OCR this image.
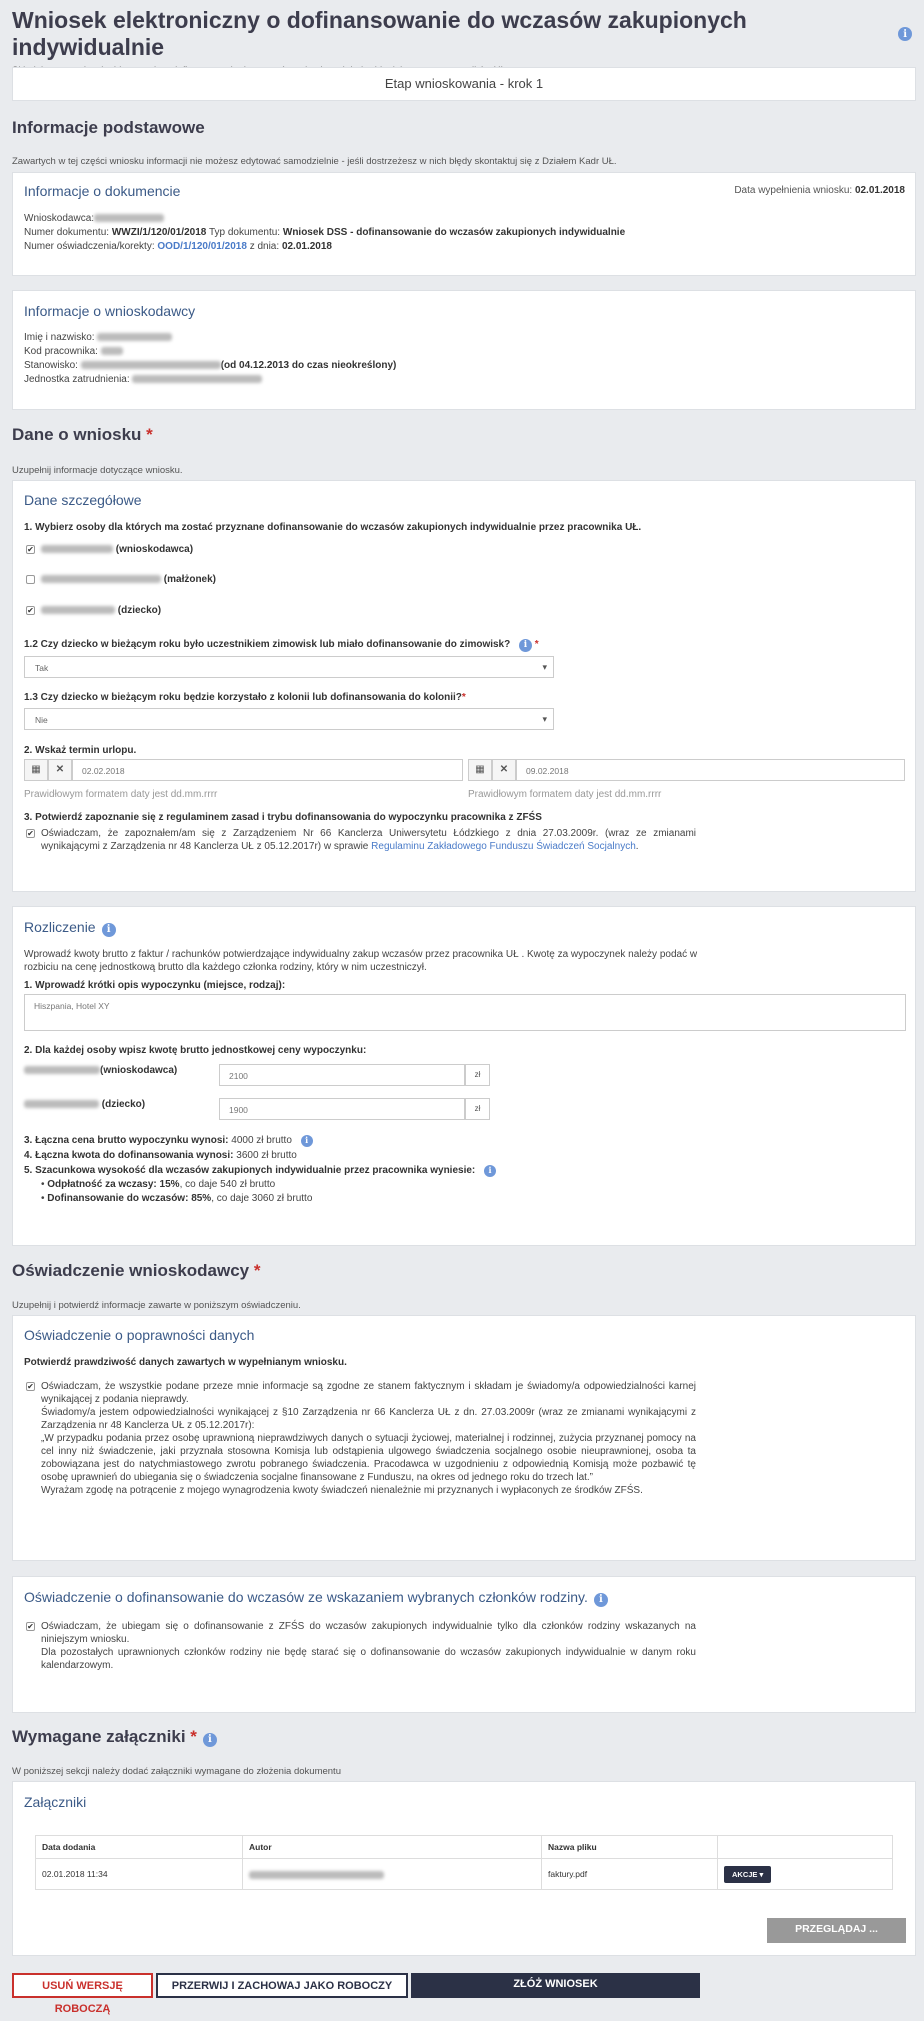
Wniosek elektroniczny o dofinansowanie do wczasów zakupionych indywidualnie	i
Etap wnioskowania - krok 1
Informacje podstawowe
Zawartych w tej części wniosku informacji nie możesz edytować samodzielnie - jeśli dostrzeżesz w nich błędy skontaktuj się z Działem Kadr UŁ.
Informacje o dokumencie	Data wypełnienia wniosku: 02.01.2018
Wnioskodawca:
Numer dokumentu: WWZI/1/120/01/2018 Typ dokumentu: Wniosek DSS - dofinansowanie do wczasów zakupionych indywidualnie
Numer oświadczenia/korekty: OOD/1/120/01/2018 z dnia: 02.01.2018
Informacje o wnioskodawcy
Imię i nazwisko:
Kod pracownika:
Stanowisko:	(od 04.12.2013 do czas nieokreślony)
Jednostka zatrudnienia:
Dane o wniosku *
Uzupełnij informacje dotyczące wniosku.
Dane szczegółowe
1. Wybierz osoby dla których ma zostać przyznane dofinansowanie do wczasów zakupionych indywidualnie przez pracownika UŁ.
✔	(wnioskodawca)
(małżonek)
✔	(dziecko)
1.2 Czy dziecko w bieżącym roku było uczestnikiem zimowisk lub miało dofinansowanie do zimowisk? i *
Tak ▾
1.3 Czy dziecko w bieżącym roku będzie korzystało z kolonii lub dofinansowania do kolonii?*
Nie ▾
2. Wskaż termin urlopu.
▦	✕	02.02.2018	▦	✕	09.02.2018
Prawidłowym formatem daty jest dd.mm.rrrr	Prawidłowym formatem daty jest dd.mm.rrrr
3. Potwierdź zapoznanie się z regulaminem zasad i trybu dofinansowania do wypoczynku pracownika z ZFŚS
✔ Oświadczam, że zapoznałem/am się z Zarządzeniem Nr 66 Kanclerza Uniwersytetu Łódzkiego z dnia 27.03.2009r. (wraz ze zmianami wynikającymi z Zarządzenia nr 48 Kanclerza UŁ z 05.12.2017r) w sprawie Regulaminu Zakładowego Funduszu Świadczeń Socjalnych.
Rozliczenie i
Wprowadź kwoty brutto z faktur / rachunków potwierdzające indywidualny zakup wczasów przez pracownika UŁ . Kwotę za wypoczynek należy podać w rozbiciu na cenę jednostkową brutto dla każdego członka rodziny, który w nim uczestniczył.
1. Wprowadź krótki opis wypoczynku (miejsce, rodzaj):
Hiszpania, Hotel XY
2. Dla każdej osoby wpisz kwotę brutto jednostkowej ceny wypoczynku:
(wnioskodawca)	2100	zł
(dziecko)	1900	zł
3. Łączna cena brutto wypoczynku wynosi: 4000 zł brutto i
4. Łączna kwota do dofinansowania wynosi: 3600 zł brutto
5. Szacunkowa wysokość dla wczasów zakupionych indywidualnie przez pracownika wyniesie: i
• Odpłatność za wczasy: 15%, co daje 540 zł brutto
• Dofinansowanie do wczasów: 85%, co daje 3060 zł brutto
Oświadczenie wnioskodawcy *
Uzupełnij i potwierdź informacje zawarte w poniższym oświadczeniu.
Oświadczenie o poprawności danych
Potwierdź prawdziwość danych zawartych w wypełnianym wniosku.
✔ Oświadczam, że wszystkie podane przeze mnie informacje są zgodne ze stanem faktycznym i składam je świadomy/a odpowiedzialności karnej wynikającej z podania nieprawdy.
Świadomy/a jestem odpowiedzialności wynikającej z §10 Zarządzenia nr 66 Kanclerza UŁ z dn. 27.03.2009r (wraz ze zmianami wynikającymi z Zarządzenia nr 48 Kanclerza UŁ z 05.12.2017r):
„W przypadku podania przez osobę uprawnioną nieprawdziwych danych o sytuacji życiowej, materialnej i rodzinnej, zużycia przyznanej pomocy na cel inny niż świadczenie, jaki przyznała stosowna Komisja lub odstąpienia ulgowego świadczenia socjalnego osobie nieuprawnionej, osoba ta zobowiązana jest do natychmiastowego zwrotu pobranego świadczenia. Pracodawca w uzgodnieniu z odpowiednią Komisją może pozbawić tę osobę uprawnień do ubiegania się o świadczenia socjalne finansowane z Funduszu, na okres od jednego roku do trzech lat.”
Wyrażam zgodę na potrącenie z mojego wynagrodzenia kwoty świadczeń nienależnie mi przyznanych i wypłaconych ze środków ZFŚS.
Oświadczenie o dofinansowanie do wczasów ze wskazaniem wybranych członków rodziny. i
✔ Oświadczam, że ubiegam się o dofinansowanie z ZFŚS do wczasów zakupionych indywidualnie tylko dla członków rodziny wskazanych na niniejszym wniosku.
Dla pozostałych uprawnionych członków rodziny nie będę starać się o dofinansowanie do wczasów zakupionych indywidualnie w danym roku kalendarzowym.
Wymagane załączniki * i
W poniższej sekcji należy dodać załączniki wymagane do złożenia dokumentu
Załączniki
Data dodania	Autor	Nazwa pliku	
02.01.2018 11:34		faktury.pdf	AKCJE ▾
PRZEGLĄDAJ ...
USUŃ WERSJĘ ROBOCZĄ
PRZERWIJ I ZACHOWAJ JAKO ROBOCZY	ZŁÓŻ WNIOSEK
